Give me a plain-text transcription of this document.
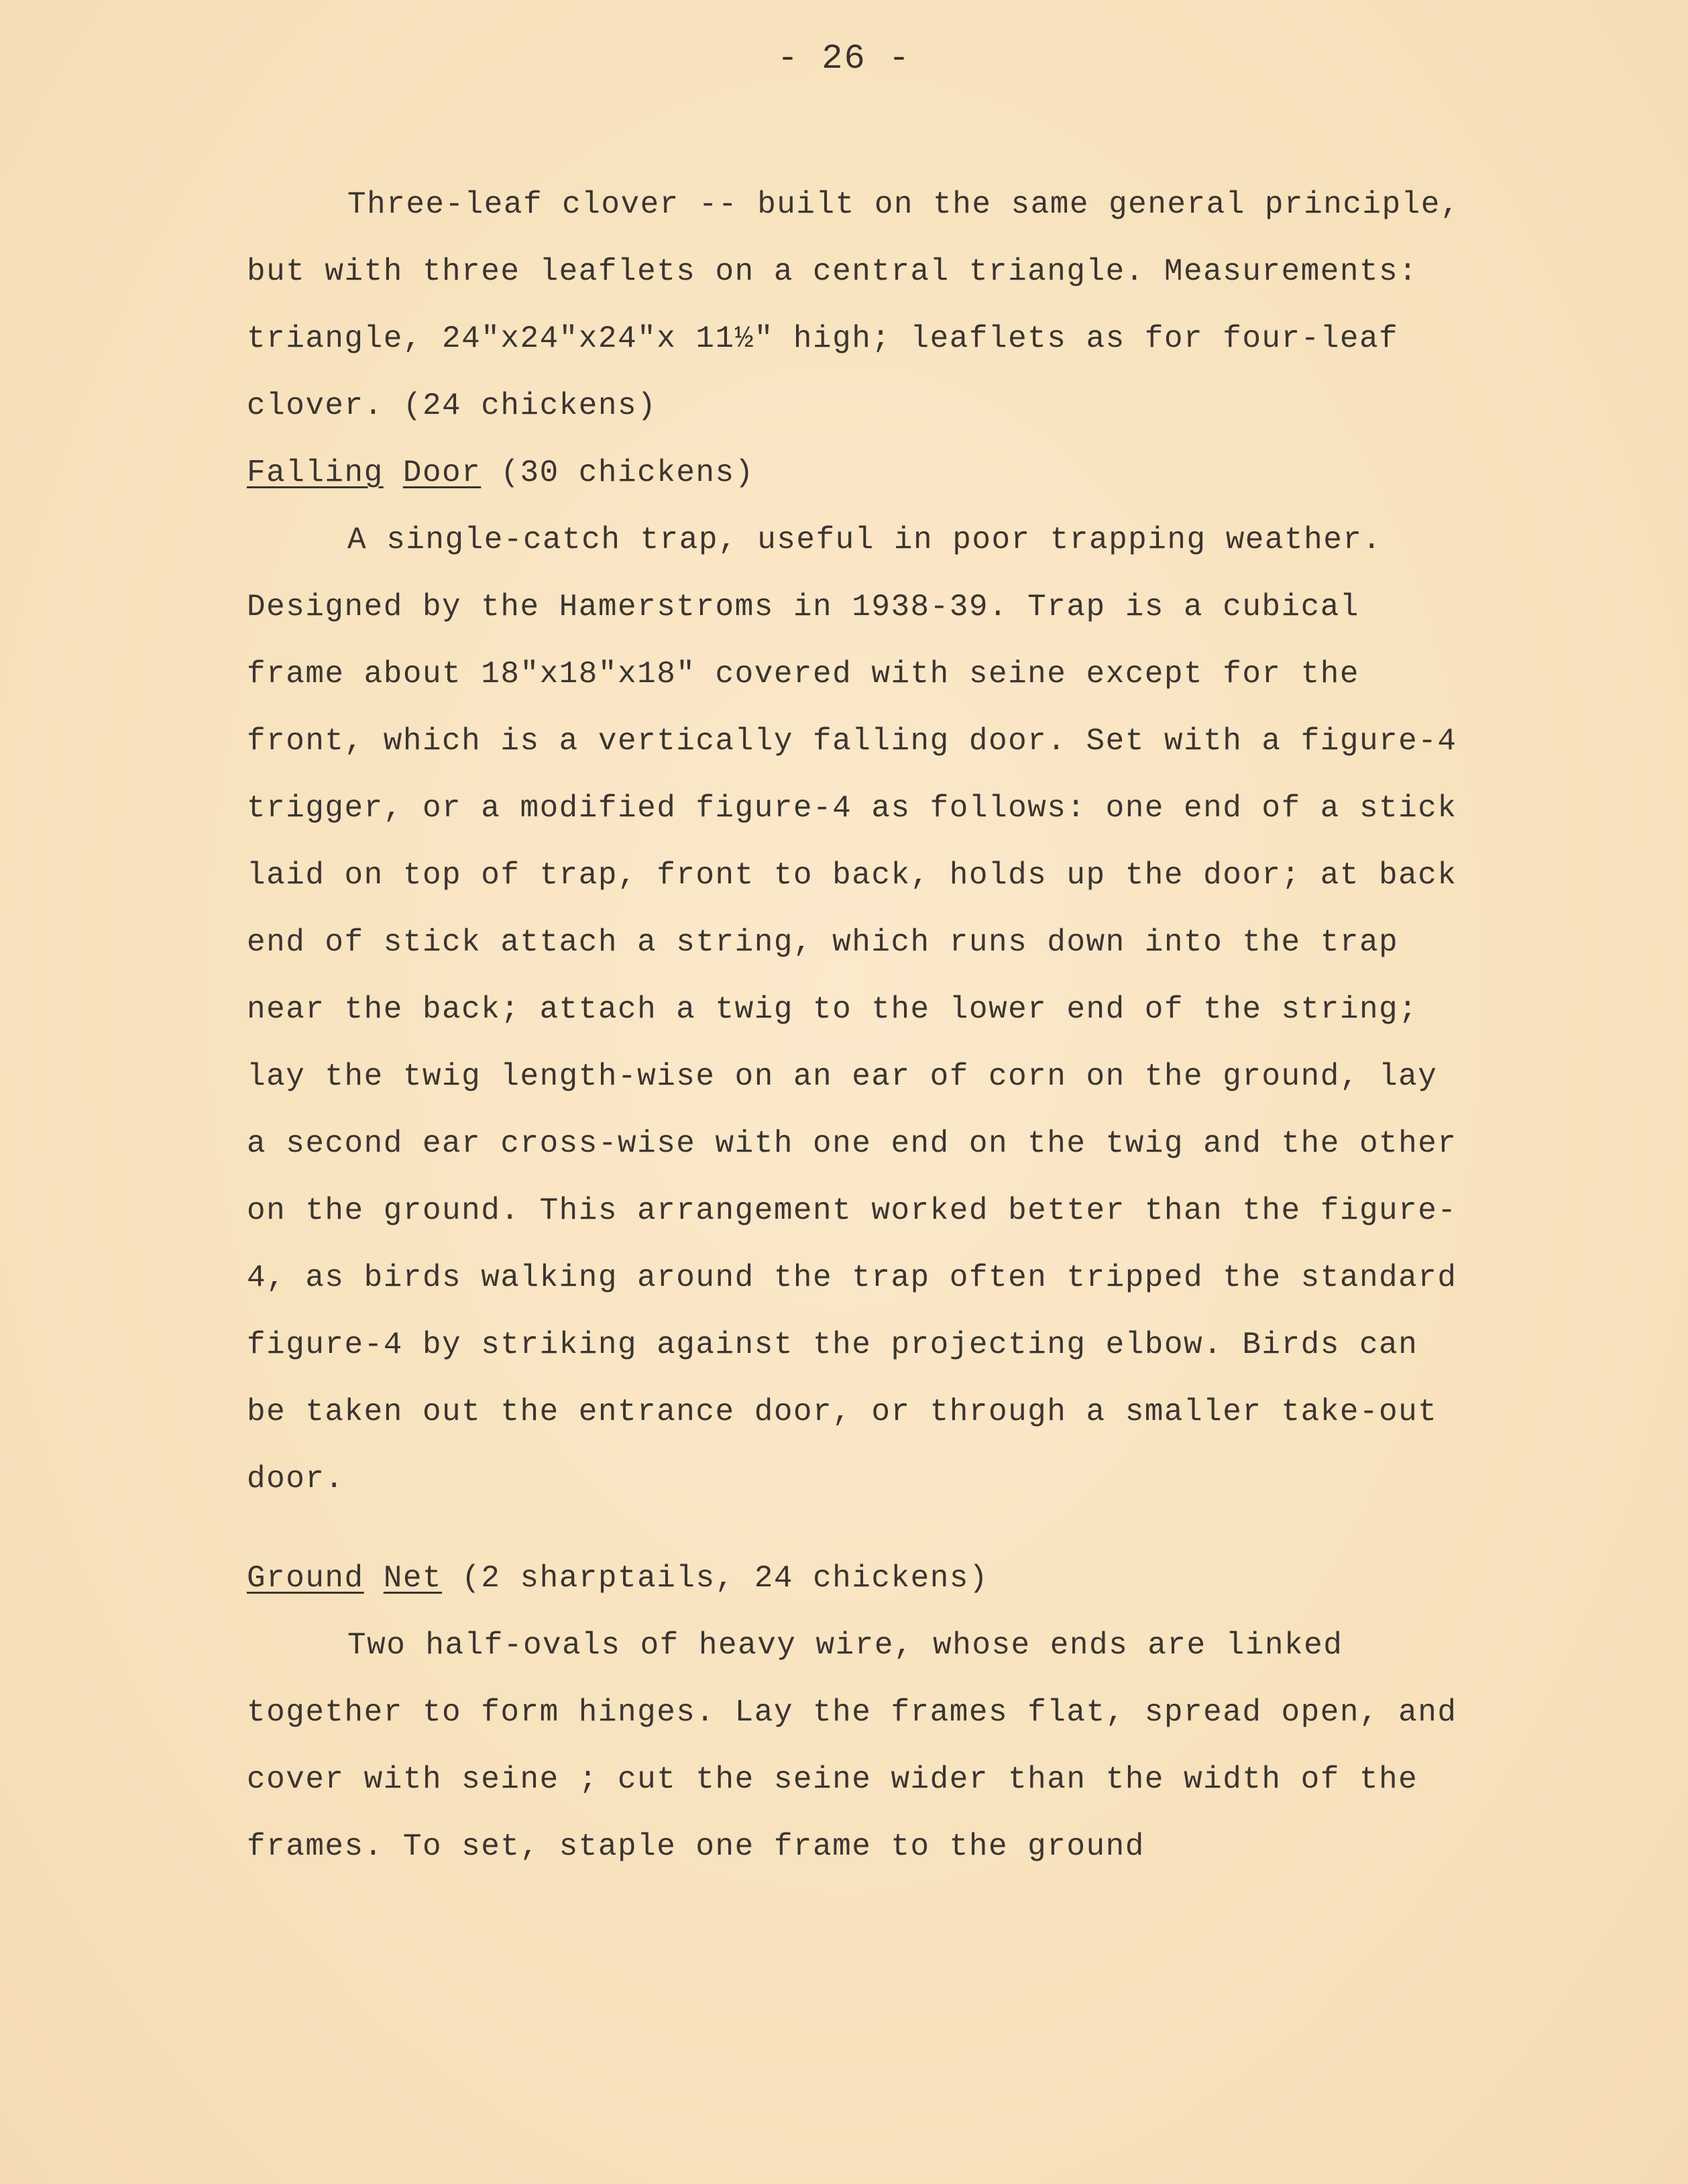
- 26 -

Three-leaf clover -- built on the same general principle, but with three leaflets on a central triangle. Measurements: triangle, 24"x24"x24"x 11½" high; leaflets as for four-leaf clover. (24 chickens)

Falling Door (30 chickens)

A single-catch trap, useful in poor trapping weather. Designed by the Hamerstroms in 1938-39. Trap is a cubical frame about 18"x18"x18" covered with seine except for the front, which is a vertically falling door. Set with a figure-4 trigger, or a modified figure-4 as follows: one end of a stick laid on top of trap, front to back, holds up the door; at back end of stick attach a string, which runs down into the trap near the back; attach a twig to the lower end of the string; lay the twig length-wise on an ear of corn on the ground, lay a second ear cross-wise with one end on the twig and the other on the ground. This arrangement worked better than the figure-4, as birds walking around the trap often tripped the standard figure-4 by striking against the projecting elbow. Birds can be taken out the entrance door, or through a smaller take-out door.

Ground Net (2 sharptails, 24 chickens)

Two half-ovals of heavy wire, whose ends are linked together to form hinges. Lay the frames flat, spread open, and cover with seine ; cut the seine wider than the width of the frames. To set, staple one frame to the ground
